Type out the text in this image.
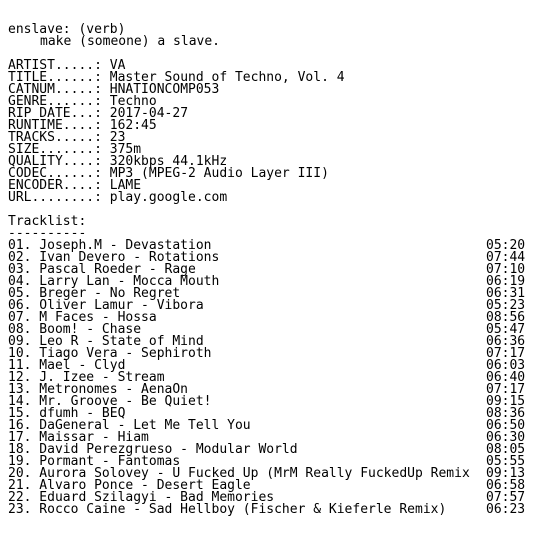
enslave: (verb)
make (someone) a slave.
ARTIST.....: VA
TITLE......: Master Sound of Techno, Vol. 4
CATNUM.....: HNATIONCOMP053
GENRE......: Techno
RIP DATE...: 2017-04-27
RUNTIME....: 162:45
TRACKS.....: 23
SIZE.......: 375m
QUALITY....: 320kbps 44.1kHz
CODEC......: MP3 (MPEG-2 Audio Layer III)
ENCODER....: LAME
URL........: play.google.com
Tracklist:
----------
01. Joseph.M - Devastation	05:20
02. Ivan Devero - Rotations	07:44
03. Pascal Roeder - Rage	07:10
04. Larry Lan - Mocca Mouth	06:19
05. Breger - No Regret	06:31
06. Oliver Lamur - Vibora	05:23
07. M Faces - Hossa	08:56
08. Boom! - Chase	05:47
09. Leo R - State of Mind	06:36
10. Tiago Vera - Sephiroth	07:17
11. Mael - Clyd	06:03
12. J. Izee - Stream	06:40
13. Metronomes - AenaOn	07:17
14. Mr. Groove - Be Quiet!	09:15
15. dfumh - BEQ	08:36
16. DaGeneral - Let Me Tell You	06:50
17. Maissar - Hiam	06:30
18. David Perezgrueso - Modular World	08:05
19. Pormant - Fantomas	05:55
20. Aurora Solovey - U Fucked Up (MrM Really FuckedUp Remix 09:13
21. Alvaro Ponce - Desert Eagle	06:58
22. Eduard Szilagyi - Bad Memories	07:57
23. Rocco Caine - Sad Hellboy (Fischer & Kieferle Remix)	06:23
